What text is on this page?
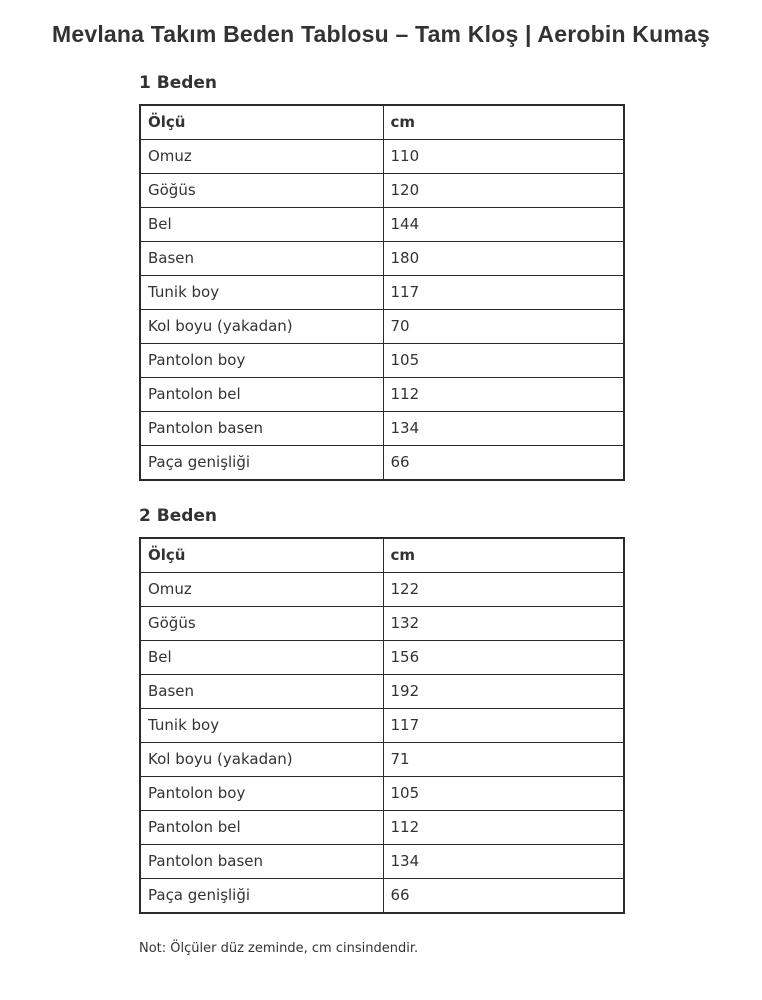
Mevlana Takım Beden Tablosu – Tam Kloş | Aerobin Kumaş
1 Beden
Ölçü	cm
Omuz	110
Göğüs	120
Bel	144
Basen	180
Tunik boy	117
Kol boyu (yakadan)	70
Pantolon boy	105
Pantolon bel	112
Pantolon basen	134
Paça genişliği	66
2 Beden
Ölçü	cm
Omuz	122
Göğüs	132
Bel	156
Basen	192
Tunik boy	117
Kol boyu (yakadan)	71
Pantolon boy	105
Pantolon bel	112
Pantolon basen	134
Paça genişliği	66

Not: Ölçüler düz zeminde, cm cinsindendir.
